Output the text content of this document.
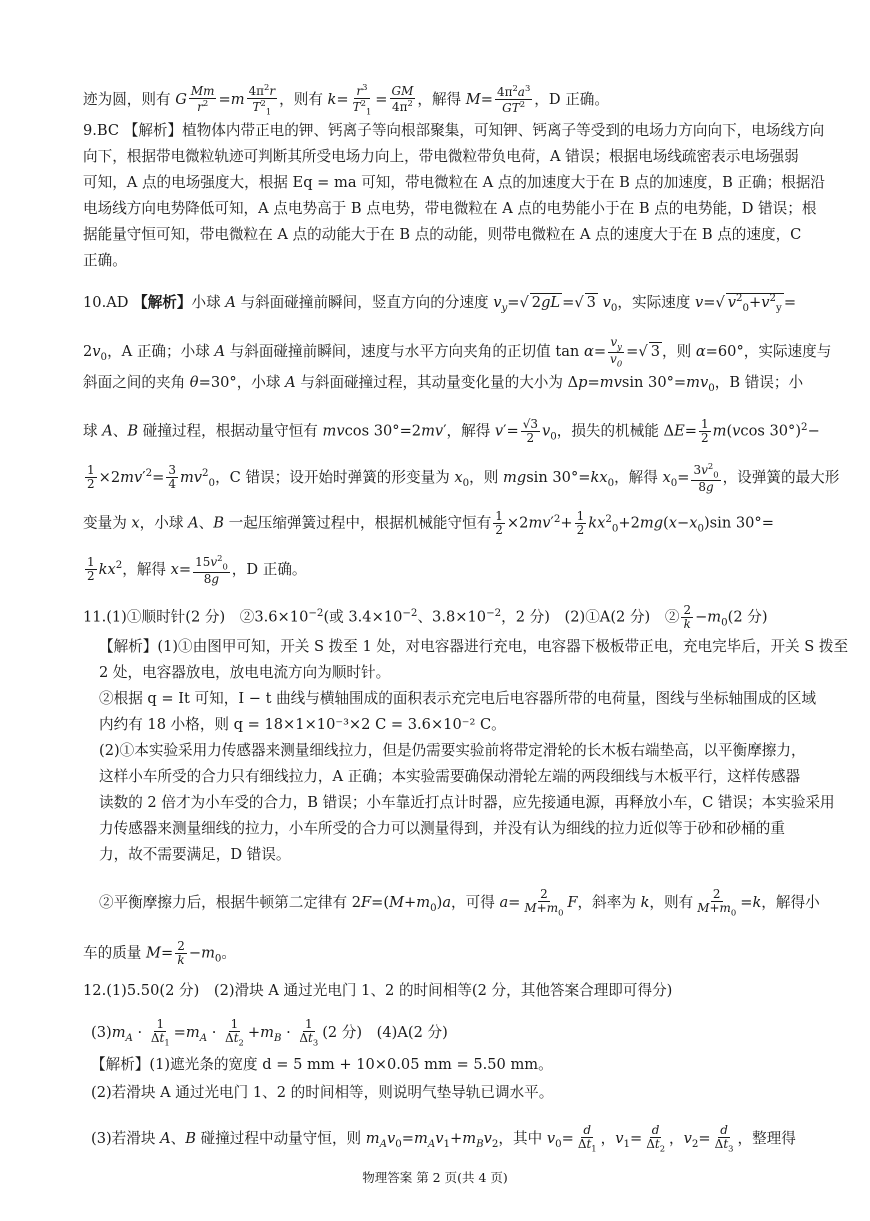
迹为圆，则有 G $\frac{Mm}{r^2} =m \frac{4\pi^2r}{T^2_1}$ ，则有 $k= \frac{r^3}{T^2_1} = \frac{GM}{4\pi^2}$ ，解得 $M= \frac{4\pi^2a^3}{GT^2}$ ，D 正确。
9.BC 【解析】植物体内带正电的钾、钙离子等向根部聚集，可知钾、钙离子等受到的电场力方向向下，电场线方向
向下，根据带电微粒轨迹可判断其所受电场力向上，带电微粒带负电荷，A 错误；根据电场线疏密表示电场强弱
可知，A 点的电场强度大，根据 Eq = ma 可知，带电微粒在 A 点的加速度大于在 B 点的加速度，B 正确；根据沿
电场线方向电势降低可知，A 点电势高于 B 点电势，带电微粒在 A 点的电势能小于在 B 点的电势能，D 错误；根
据能量守恒可知，带电微粒在 A 点的动能大于在 B 点的动能，则带电微粒在 A 点的速度大于在 B 点的速度，C
正确。
10.AD 【解析】小球 A 与斜面碰撞前瞬间，竖直方向的分速度 $v_y=√$ 2gL =√ 3 $v_0$，实际速度 v=√ $v^2_0+v^2_y$ =
$2v_0$，A 正确；小球 A 与斜面碰撞前瞬间，速度与水平方向夹角的正切值 $\tan \alpha= \frac{v_y}{v_0}$ =√ 3 ，则 α=60°，实际速度与
斜面之间的夹角 θ=30°，小球 A 与斜面碰撞过程，其动量变化量的大小为 Δp=mvsin $30^\circ=mv_0$，B 错误；小
球 A、B 碰撞过程，根据动量守恒有 mvcos 30°=2mv′，解得 $v'= \frac{√3}{2} v_0$，损失的机械能 $\Delta E= \frac{1}{2} m(vcos$ 30°)$^2$−
$\frac{1}{2} \times 2mv'^2= \frac{3}{4} mv^2_0$，C 错误；设开始时弹簧的形变量为 $x_0$，则 mgsin $30^\circ=kx_0$，解得 $x_0= \frac{3v^2_0}{8g}$ ，设弹簧的最大形
变量为 x，小球 A、B 一起压缩弹簧过程中，根据机械能守恒有 $\frac{1}{2} \times 2mv'^2+ \frac{1}{2} kx^2_0+2mg(x-x_0)\sin$ 30°=
$\frac{1}{2} kx^2$，解得 $x= \frac{15v^2_0}{8g}$ ，D 正确。
11.(1)①顺时针(2 分)　$②3.6\times 10^{-2}$(或 $3.4\times 10^{-2}$、$3.8\times 10^{-2}$，2 分)　(2)①A(2 分)　② $\frac{2}{k} -m_0(2$ 分)
【解析】(1)①由图甲可知，开关 S 拨至 1 处，对电容器进行充电，电容器下极板带正电，充电完毕后，开关 S 拨至
2 处，电容器放电，放电电流方向为顺时针。
②根据 q = It 可知，I − t 曲线与横轴围成的面积表示充完电后电容器所带的电荷量，图线与坐标轴围成的区域
内约有 18 小格，则 q = 18×1×10⁻³×2 C = 3.6×10⁻² C。
(2)①本实验采用力传感器来测量细线拉力，但是仍需要实验前将带定滑轮的长木板右端垫高，以平衡摩擦力，
这样小车所受的合力只有细线拉力，A 正确；本实验需要确保动滑轮左端的两段细线与木板平行，这样传感器
读数的 2 倍才为小车受的合力，B 错误；小车靠近打点计时器，应先接通电源，再释放小车，C 错误；本实验采用
力传感器来测量细线的拉力，小车所受的合力可以测量得到，并没有认为细线的拉力近似等于砂和砂桶的重
力，故不需要满足，D 错误。
②平衡摩擦力后，根据牛顿第二定律有 $2F=(M+m_0)a$，可得 $a= \frac{2}{M+m_0}$ F，斜率为 k，则有 $\frac{2}{M+m_0} =k$，解得小
车的质量 $M= \frac{2}{k} -m_0$。
12.(1)5.50(2 分)　(2)滑块 A 通过光电门 1、2 的时间相等(2 分，其他答案合理即可得分)
$(3)m_A \cdot \frac{1}{\Delta t_1} =m_A \cdot \frac{1}{\Delta t_2} +m_B \cdot \frac{1}{\Delta t_3} (2$ 分)　(4)A(2 分)
【解析】(1)遮光条的宽度 d = 5 mm + 10×0.05 mm = 5.50 mm。
(2)若滑块 A 通过光电门 1、2 的时间相等，则说明气垫导轨已调水平。
(3)若滑块 A、B 碰撞过程中动量守恒，则 $m_Av_0=m_Av_1+m_Bv_2$，其中 $v_0= \frac{d}{\Delta t_1}$ ，$v_1= \frac{d}{\Delta t_2}$ ，$v_2= \frac{d}{\Delta t_3}$ ，整理得
物理答案 第 2 页(共 4 页)
